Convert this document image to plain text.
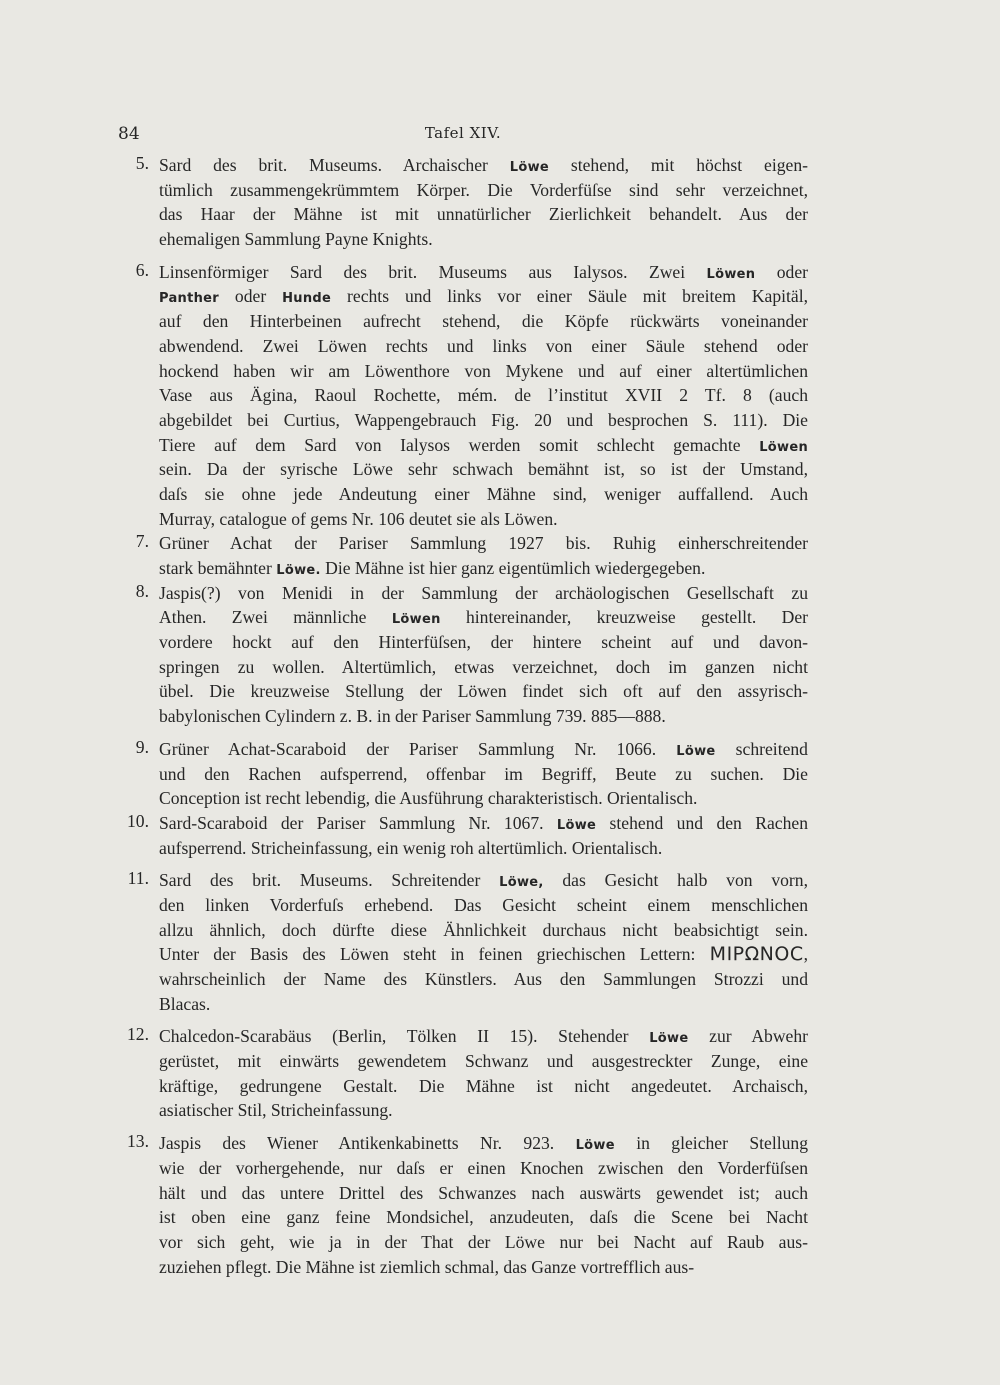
84	Tafel XIV.
5. Sard des brit. Museums. Archaischer Löwe stehend, mit höchst eigen-
tümlich zusammengekrümmtem Körper. Die Vorderfüſse sind sehr verzeichnet,
das Haar der Mähne ist mit unnatürlicher Zierlichkeit behandelt. Aus der
ehemaligen Sammlung Payne Knights.
6. Linsenförmiger Sard des brit. Museums aus Ialysos. Zwei Löwen oder
Panther oder Hunde rechts und links vor einer Säule mit breitem Kapitäl,
auf den Hinterbeinen aufrecht stehend, die Köpfe rückwärts voneinander
abwendend. Zwei Löwen rechts und links von einer Säule stehend oder
hockend haben wir am Löwenthore von Mykene und auf einer altertümlichen
Vase aus Ägina, Raoul Rochette, mém. de l’institut XVII 2 Tf. 8 (auch
abgebildet bei Curtius, Wappengebrauch Fig. 20 und besprochen S. 111). Die
Tiere auf dem Sard von Ialysos werden somit schlecht gemachte Löwen
sein. Da der syrische Löwe sehr schwach bemähnt ist, so ist der Umstand,
daſs sie ohne jede Andeutung einer Mähne sind, weniger auffallend. Auch
Murray, catalogue of gems Nr. 106 deutet sie als Löwen.
7. Grüner Achat der Pariser Sammlung 1927 bis. Ruhig einherschreitender
stark bemähnter Löwe. Die Mähne ist hier ganz eigentümlich wiedergegeben.
8. Jaspis(?) von Menidi in der Sammlung der archäologischen Gesellschaft zu
Athen. Zwei männliche Löwen hintereinander, kreuzweise gestellt. Der
vordere hockt auf den Hinterfüſsen, der hintere scheint auf und davon-
springen zu wollen. Altertümlich, etwas verzeichnet, doch im ganzen nicht
übel. Die kreuzweise Stellung der Löwen findet sich oft auf den assyrisch-
babylonischen Cylindern z. B. in der Pariser Sammlung 739. 885—888.
9. Grüner Achat-Scaraboid der Pariser Sammlung Nr. 1066. Löwe schreitend
und den Rachen aufsperrend, offenbar im Begriff, Beute zu suchen. Die
Conception ist recht lebendig, die Ausführung charakteristisch. Orientalisch.
10. Sard-Scaraboid der Pariser Sammlung Nr. 1067. Löwe stehend und den Rachen
aufsperrend. Stricheinfassung, ein wenig roh altertümlich. Orientalisch.
11. Sard des brit. Museums. Schreitender Löwe, das Gesicht halb von vorn,
den linken Vorderfuſs erhebend. Das Gesicht scheint einem menschlichen
allzu ähnlich, doch dürfte diese Ähnlichkeit durchaus nicht beabsichtigt sein.
Unter der Basis des Löwen steht in feinen griechischen Lettern: ΜΙΡΩΝΟϹ,
wahrscheinlich der Name des Künstlers. Aus den Sammlungen Strozzi und
Blacas.
12. Chalcedon-Scarabäus (Berlin, Tölken II 15). Stehender Löwe zur Abwehr
gerüstet, mit einwärts gewendetem Schwanz und ausgestreckter Zunge, eine
kräftige, gedrungene Gestalt. Die Mähne ist nicht angedeutet. Archaisch,
asiatischer Stil, Stricheinfassung.
13. Jaspis des Wiener Antikenkabinetts Nr. 923. Löwe in gleicher Stellung
wie der vorhergehende, nur daſs er einen Knochen zwischen den Vorderfüſsen
hält und das untere Drittel des Schwanzes nach auswärts gewendet ist; auch
ist oben eine ganz feine Mondsichel, anzudeuten, daſs die Scene bei Nacht
vor sich geht, wie ja in der That der Löwe nur bei Nacht auf Raub aus-
zuziehen pflegt. Die Mähne ist ziemlich schmal, das Ganze vortrefflich aus-
